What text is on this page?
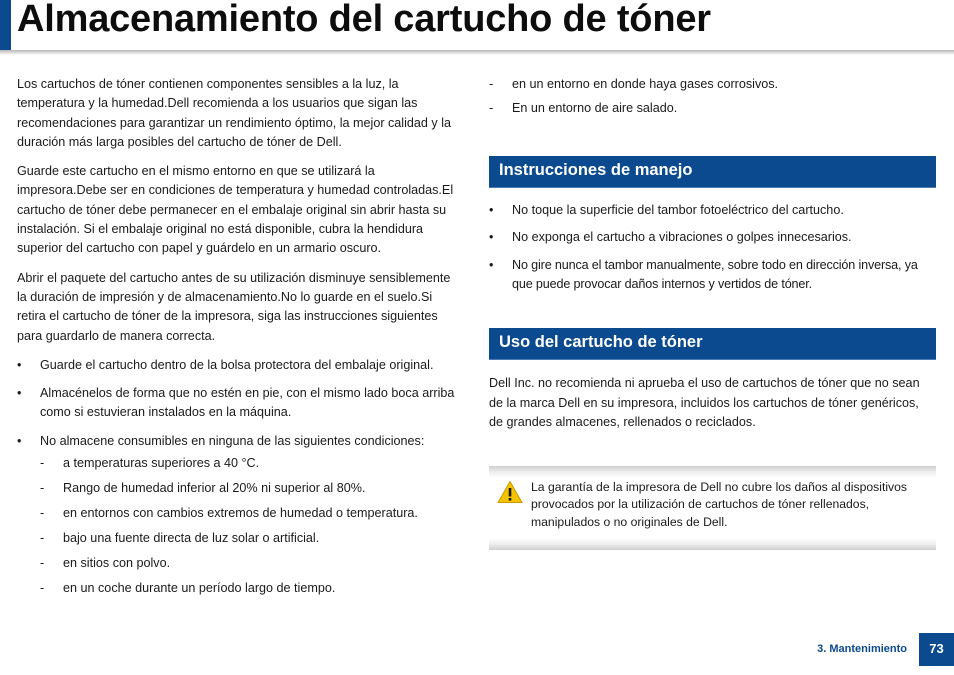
Almacenamiento del cartucho de tóner

Los cartuchos de tóner contienen componentes sensibles a la luz, la temperatura y la humedad.Dell recomienda a los usuarios que sigan las recomendaciones para garantizar un rendimiento óptimo, la mejor calidad y la duración más larga posibles del cartucho de tóner de Dell.

Guarde este cartucho en el mismo entorno en que se utilizará la impresora.Debe ser en condiciones de temperatura y humedad controladas.El cartucho de tóner debe permanecer en el embalaje original sin abrir hasta su instalación. Si el embalaje original no está disponible, cubra la hendidura superior del cartucho con papel y guárdelo en un armario oscuro.

Abrir el paquete del cartucho antes de su utilización disminuye sensiblemente la duración de impresión y de almacenamiento.No lo guarde en el suelo.Si retira el cartucho de tóner de la impresora, siga las instrucciones siguientes para guardarlo de manera correcta.

• Guarde el cartucho dentro de la bolsa protectora del embalaje original.
• Almacénelos de forma que no estén en pie, con el mismo lado boca arriba como si estuvieran instalados en la máquina.
• No almacene consumibles en ninguna de las siguientes condiciones:
- a temperaturas superiores a 40 °C.
- Rango de humedad inferior al 20% ni superior al 80%.
- en entornos con cambios extremos de humedad o temperatura.
- bajo una fuente directa de luz solar o artificial.
- en sitios con polvo.
- en un coche durante un período largo de tiempo.
- en un entorno en donde haya gases corrosivos.
- En un entorno de aire salado.
Instrucciones de manejo
• No toque la superficie del tambor fotoeléctrico del cartucho.
• No exponga el cartucho a vibraciones o golpes innecesarios.
• No gire nunca el tambor manualmente, sobre todo en dirección inversa, ya que puede provocar daños internos y vertidos de tóner.
Uso del cartucho de tóner

Dell Inc. no recomienda ni aprueba el uso de cartuchos de tóner que no sean de la marca Dell en su impresora, incluidos los cartuchos de tóner genéricos, de grandes almacenes, rellenados o reciclados.

La garantía de la impresora de Dell no cubre los daños al dispositivos provocados por la utilización de cartuchos de tóner rellenados, manipulados o no originales de Dell.
3. Mantenimiento	73
